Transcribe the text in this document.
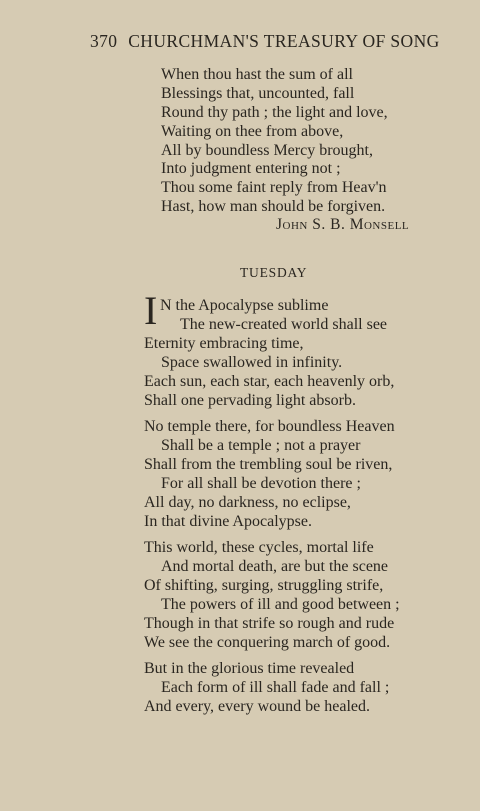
370 CHURCHMAN'S TREASURY OF SONG
When thou hast the sum of all
Blessings that, uncounted, fall
Round thy path ; the light and love,
Waiting on thee from above,
All by boundless Mercy brought,
Into judgment entering not ;
Thou some faint reply from Heav'n
Hast, how man should be forgiven.
John S. B. Monsell
TUESDAY
I N the Apocalypse sublime
The new-created world shall see
Eternity embracing time,
Space swallowed in infinity.
Each sun, each star, each heavenly orb,
Shall one pervading light absorb.
No temple there, for boundless Heaven
Shall be a temple ; not a prayer
Shall from the trembling soul be riven,
For all shall be devotion there ;
All day, no darkness, no eclipse,
In that divine Apocalypse.
This world, these cycles, mortal life
And mortal death, are but the scene
Of shifting, surging, struggling strife,
The powers of ill and good between ;
Though in that strife so rough and rude
We see the conquering march of good.
But in the glorious time revealed
Each form of ill shall fade and fall ;
And every, every wound be healed.
